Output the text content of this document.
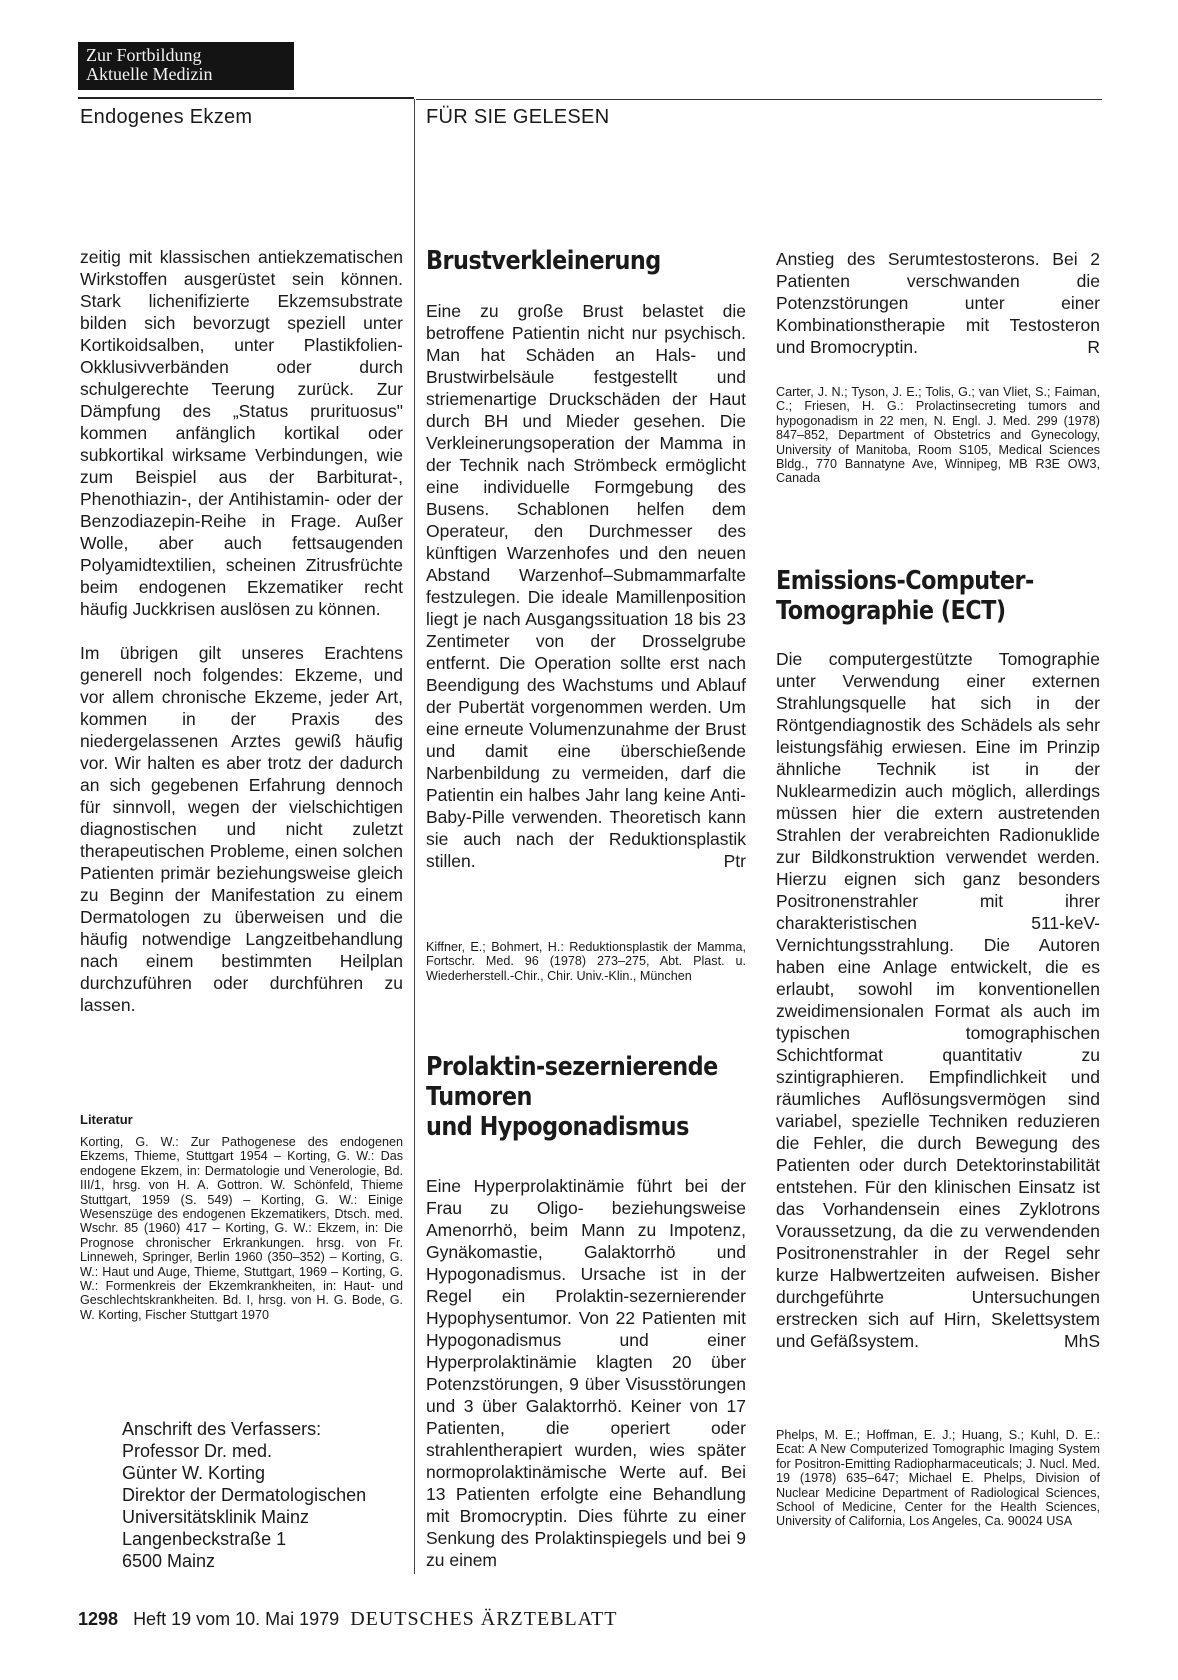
Zur Fortbildung
Aktuelle Medizin
Endogenes Ekzem	FÜR SIE GELESEN

zeitig mit klassischen antiekzematischen Wirkstoffen ausgerüstet sein können. Stark lichenifizierte Ekzemsubstrate bilden sich bevorzugt speziell unter Kortikoidsalben, unter Plastikfolien-Okklusivverbänden oder durch schulgerechte Teerung zurück. Zur Dämpfung des „Status prurituosus" kommen anfänglich kortikal oder subkortikal wirksame Verbindungen, wie zum Beispiel aus der Barbiturat-, Phenothiazin-, der Antihistamin- oder der Benzodiazepin-Reihe in Frage. Außer Wolle, aber auch fettsaugenden Polyamidtextilien, scheinen Zitrusfrüchte beim endogenen Ekzematiker recht häufig Juckkrisen auslösen zu können.

Im übrigen gilt unseres Erachtens generell noch folgendes: Ekzeme, und vor allem chronische Ekzeme, jeder Art, kommen in der Praxis des niedergelassenen Arztes gewiß häufig vor. Wir halten es aber trotz der dadurch an sich gegebenen Erfahrung dennoch für sinnvoll, wegen der vielschichtigen diagnostischen und nicht zuletzt therapeutischen Probleme, einen solchen Patienten primär beziehungsweise gleich zu Beginn der Manifestation zu einem Dermatologen zu überweisen und die häufig notwendige Langzeitbehandlung nach einem bestimmten Heilplan durchzuführen oder durchführen zu lassen.

Literatur
Korting, G. W.: Zur Pathogenese des endogenen Ekzems, Thieme, Stuttgart 1954 – Korting, G. W.: Das endogene Ekzem, in: Dermatologie und Venerologie, Bd. III/1, hrsg. von H. A. Gottron. W. Schönfeld, Thieme Stuttgart, 1959 (S. 549) – Korting, G. W.: Einige Wesenszüge des endogenen Ekzematikers, Dtsch. med. Wschr. 85 (1960) 417 – Korting, G. W.: Ekzem, in: Die Prognose chronischer Erkrankungen. hrsg. von Fr. Linneweh, Springer, Berlin 1960 (350–352) – Korting, G. W.: Haut und Auge, Thieme, Stuttgart, 1969 – Korting, G. W.: Formenkreis der Ekzemkrankheiten, in: Haut- und Geschlechtskrankheiten. Bd. I, hrsg. von H. G. Bode, G. W. Korting, Fischer Stuttgart 1970
Anschrift des Verfassers:
Professor Dr. med.
Günter W. Korting
Direktor der Dermatologischen
Universitätsklinik Mainz
Langenbeckstraße 1
6500 Mainz
Brustverkleinerung

Eine zu große Brust belastet die betroffene Patientin nicht nur psychisch. Man hat Schäden an Hals- und Brustwirbelsäule festgestellt und striemenartige Druckschäden der Haut durch BH und Mieder gesehen. Die Verkleinerungsoperation der Mamma in der Technik nach Strömbeck ermöglicht eine individuelle Formgebung des Busens. Schablonen helfen dem Operateur, den Durchmesser des künftigen Warzenhofes und den neuen Abstand Warzenhof–Submammarfalte festzulegen. Die ideale Mamillenposition liegt je nach Ausgangssituation 18 bis 23 Zentimeter von der Drosselgrube entfernt. Die Operation sollte erst nach Beendigung des Wachstums und Ablauf der Pubertät vorgenommen werden. Um eine erneute Volumenzunahme der Brust und damit eine überschießende Narbenbildung zu vermeiden, darf die Patientin ein halbes Jahr lang keine Anti-Baby-Pille verwenden. Theoretisch kann sie auch nach der Reduktionsplastik stillen.	Ptr
Kiffner, E.; Bohmert, H.: Reduktionsplastik der Mamma, Fortschr. Med. 96 (1978) 273–275, Abt. Plast. u. Wiederherstell.-Chir., Chir. Univ.-Klin., München
Prolaktin-sezernierende
Tumoren
und Hypogonadismus
Eine Hyperprolaktinämie führt bei der Frau zu Oligo- beziehungsweise Amenorrhö, beim Mann zu Impotenz, Gynäkomastie, Galaktorrhö und Hypogonadismus. Ursache ist in der Regel ein Prolaktin-sezernierender Hypophysentumor. Von 22 Patienten mit Hypogonadismus und einer Hyperprolaktinämie klagten 20 über Potenzstörungen, 9 über Visusstörungen und 3 über Galaktorrhö. Keiner von 17 Patienten, die operiert oder strahlentherapiert wurden, wies später normoprolaktinämische Werte auf. Bei 13 Patienten erfolgte eine Behandlung mit Bromocryptin. Dies führte zu einer Senkung des Prolaktinspiegels und bei 9 zu einem

Anstieg des Serumtestosterons. Bei 2 Patienten verschwanden die Potenzstörungen unter einer Kombinationstherapie mit Testosteron und Bromocryptin.	R
Carter, J. N.; Tyson, J. E.; Tolis, G.; van Vliet, S.; Faiman, C.; Friesen, H. G.: Prolactinsecreting tumors and hypogonadism in 22 men, N. Engl. J. Med. 299 (1978) 847–852, Department of Obstetrics and Gynecology, University of Manitoba, Room S105, Medical Sciences Bldg., 770 Bannatyne Ave, Winnipeg, MB R3E OW3, Canada
Emissions-Computer-
Tomographie (ECT)

Die computergestützte Tomographie unter Verwendung einer externen Strahlungsquelle hat sich in der Röntgendiagnostik des Schädels als sehr leistungsfähig erwiesen. Eine im Prinzip ähnliche Technik ist in der Nuklearmedizin auch möglich, allerdings müssen hier die extern austretenden Strahlen der verabreichten Radionuklide zur Bildkonstruktion verwendet werden. Hierzu eignen sich ganz besonders Positronenstrahler mit ihrer charakteristischen 511-keV-Vernichtungsstrahlung. Die Autoren haben eine Anlage entwickelt, die es erlaubt, sowohl im konventionellen zweidimensionalen Format als auch im typischen tomographischen Schichtformat quantitativ zu szintigraphieren. Empfindlichkeit und räumliches Auflösungsvermögen sind variabel, spezielle Techniken reduzieren die Fehler, die durch Bewegung des Patienten oder durch Detektorinstabilität entstehen. Für den klinischen Einsatz ist das Vorhandensein eines Zyklotrons Voraussetzung, da die zu verwendenden Positronenstrahler in der Regel sehr kurze Halbwertzeiten aufweisen. Bisher durchgeführte Untersuchungen erstrecken sich auf Hirn, Skelettsystem und Gefäßsystem.	MhS
Phelps, M. E.; Hoffman, E. J.; Huang, S.; Kuhl, D. E.: Ecat: A New Computerized Tomographic Imaging System for Positron-Emitting Radiopharmaceuticals; J. Nucl. Med. 19 (1978) 635–647; Michael E. Phelps, Division of Nuclear Medicine Department of Radiological Sciences, School of Medicine, Center for the Health Sciences, University of California, Los Angeles, Ca. 90024 USA
1298 Heft 19 vom 10. Mai 1979 DEUTSCHES ÄRZTEBLATT
